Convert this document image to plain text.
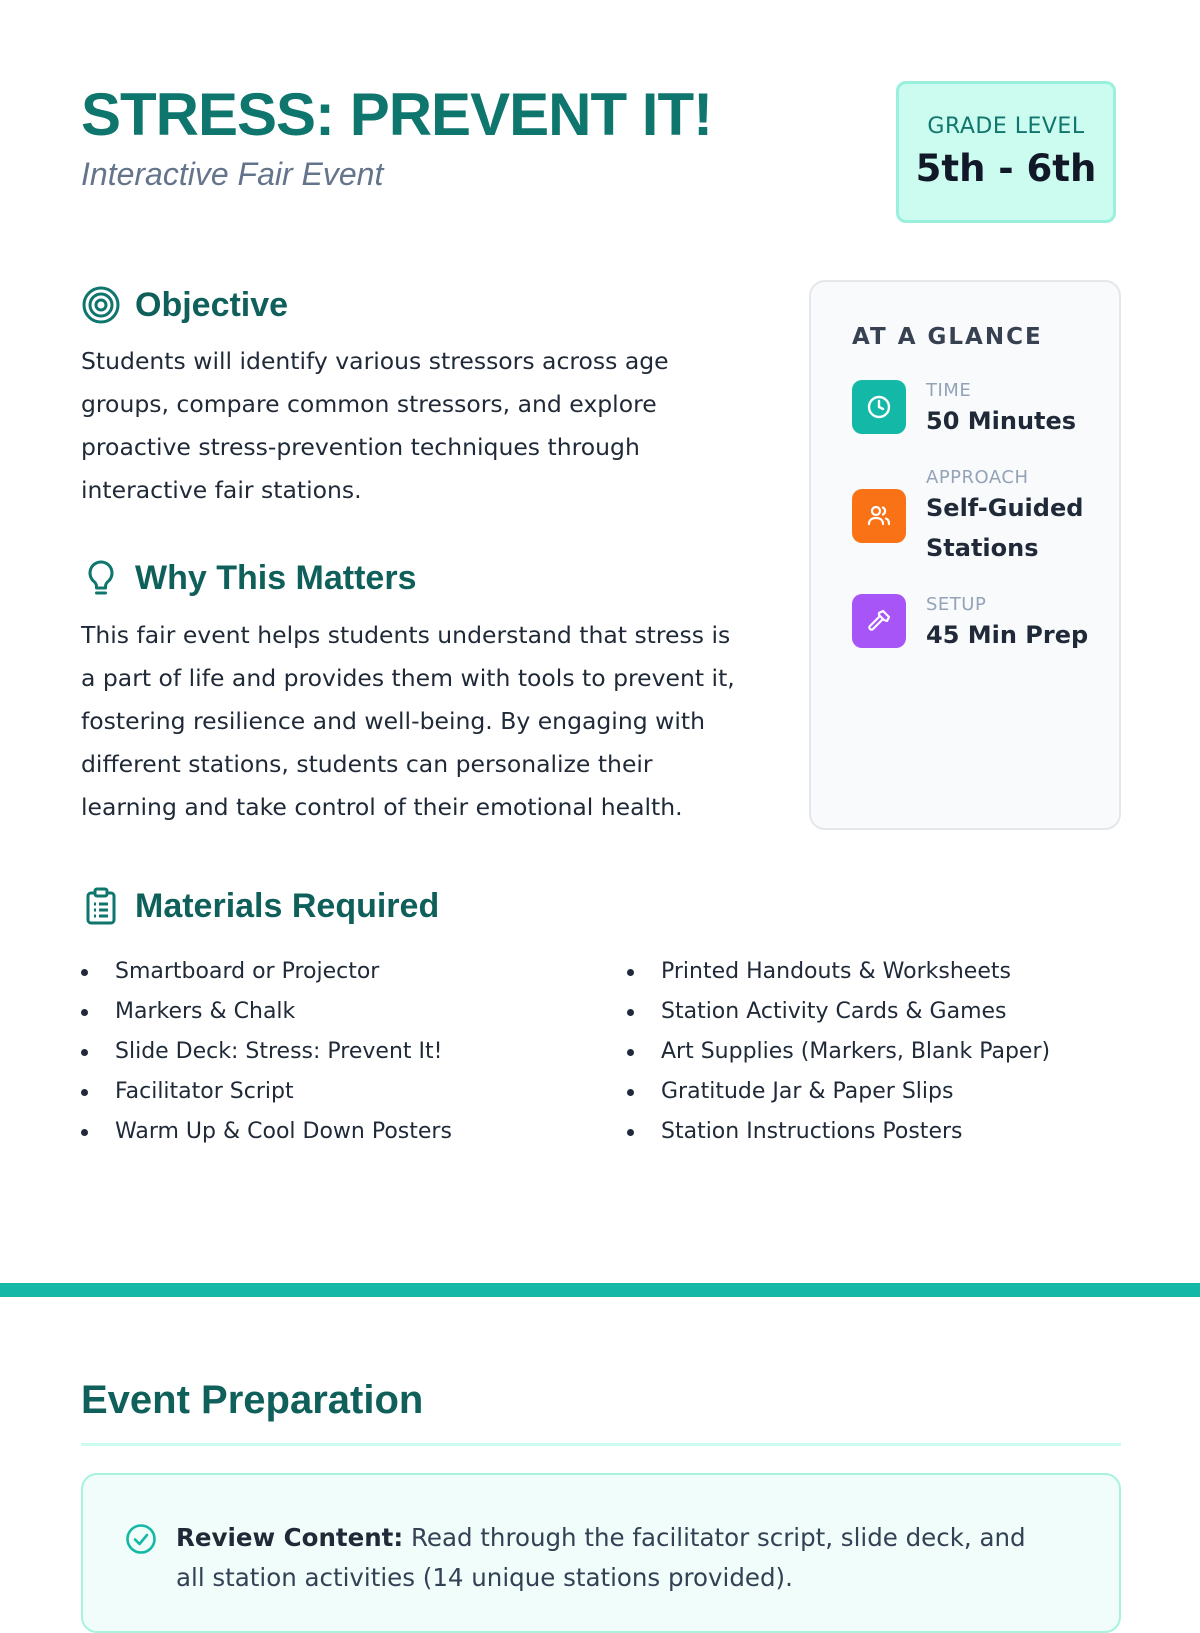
STRESS: PREVENT IT!

Interactive Fair Event

GRADE LEVEL
5th - 6th
Objective

Students will identify various stressors across age groups, compare common stressors, and explore proactive stress-prevention techniques through interactive fair stations.

Why This Matters

This fair event helps students understand that stress is a part of life and provides them with tools to prevent it, fostering resilience and well-being. By engaging with different stations, students can personalize their learning and take control of their emotional health.

AT A GLANCE
TIME
50 Minutes
APPROACH
Self-Guided Stations
SETUP
45 Min Prep
Materials Required
Smartboard or Projector
Markers & Chalk
Slide Deck: Stress: Prevent It!
Facilitator Script
Warm Up & Cool Down Posters
Printed Handouts & Worksheets
Station Activity Cards & Games
Art Supplies (Markers, Blank Paper)
Gratitude Jar & Paper Slips
Station Instructions Posters
Event Preparation
Review Content: Read through the facilitator script, slide deck, and all station activities (14 unique stations provided).
